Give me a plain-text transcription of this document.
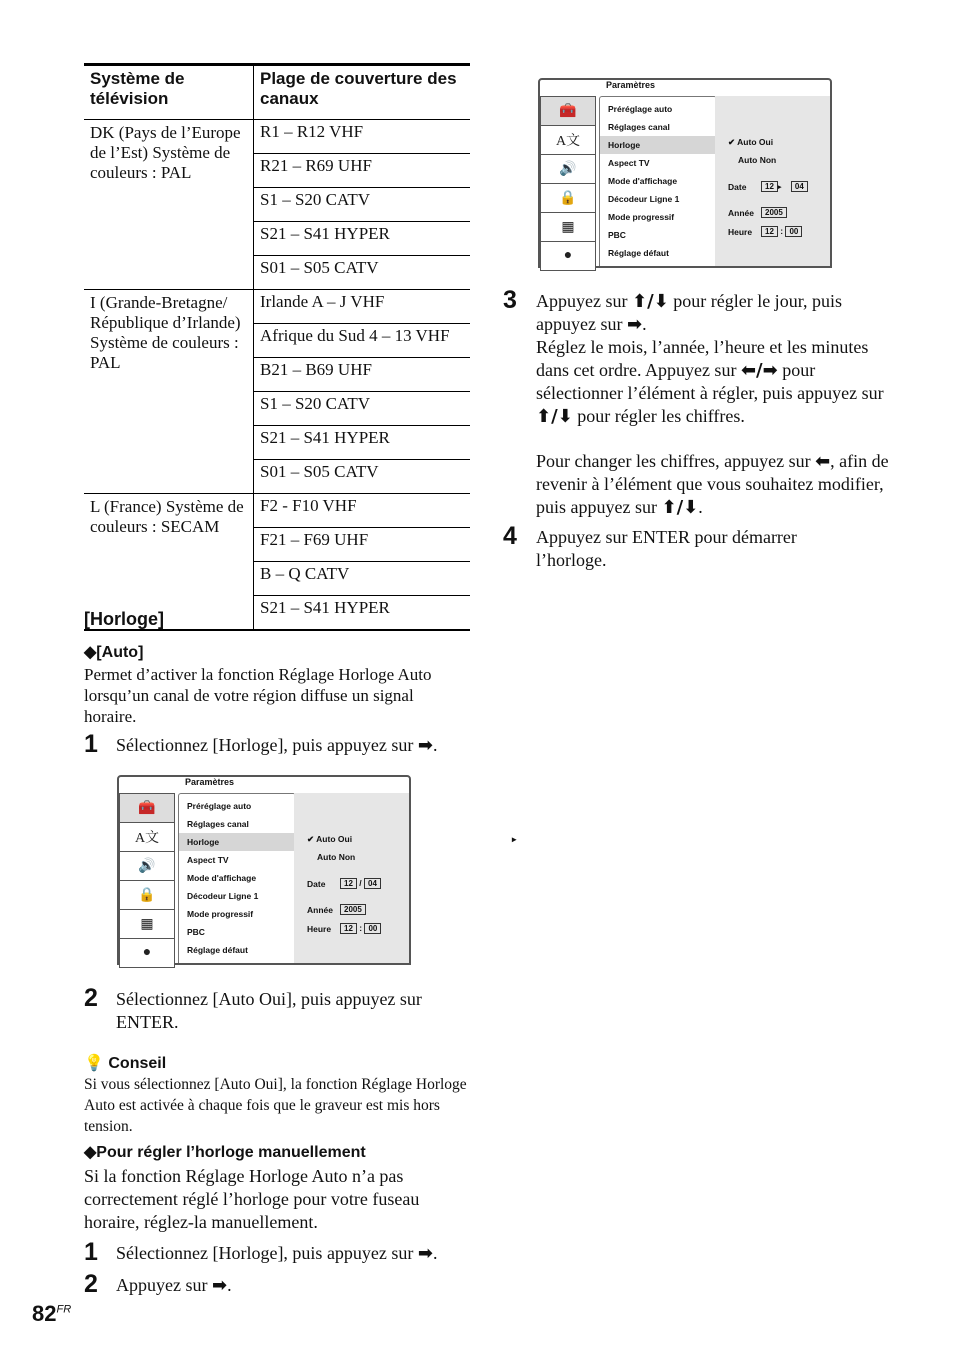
Système de télévision	Plage de couverture des canaux
DK (Pays de l’Europe de l’Est) Système de couleurs : PAL	R1 – R12 VHF
	R21 – R69 UHF
	S1 – S20 CATV
	S21 – S41 HYPER
	S01 – S05 CATV
I (Grande-Bretagne/ République d’Irlande) Système de couleurs : PAL	Irlande A – J VHF
	Afrique du Sud 4 – 13 VHF
	B21 – B69 UHF
	S1 – S20 CATV
	S21 – S41 HYPER
	S01 – S05 CATV
L (France) Système de couleurs : SECAM	F2 - F10 VHF
	F21 – F69 UHF
	B – Q CATV
	S21 – S41 HYPER
[Horloge]
◆[Auto]
Permet d’activer la fonction Réglage Horloge Auto lorsqu’un canal de votre région diffuse un signal horaire.
1 Sélectionnez [Horloge], puis appuyez sur ➡.
Paramètres
🧰
A文
🔊
🔒
▦
●
Préréglage auto
Réglages canal
Horloge
Aspect TV
Mode d'affichage
Décodeur Ligne 1
Mode progressif
PBC
Réglage défaut
✔ Auto Oui	▸
Auto Non
Date	12 / 04
Année	2005
Heure	12 : 00
2 Sélectionnez [Auto Oui], puis appuyez sur ENTER.
💡 Conseil
Si vous sélectionnez [Auto Oui], la fonction Réglage Horloge Auto est activée à chaque fois que le graveur est mis hors tension.
◆Pour régler l’horloge manuellement
Si la fonction Réglage Horloge Auto n’a pas correctement réglé l’horloge pour votre fuseau horaire, réglez-la manuellement.
1 Sélectionnez [Horloge], puis appuyez sur ➡.
2 Appuyez sur ➡.
$82^{FR}$
Paramètres
🧰
A文
🔊
🔒
▦
●
Préréglage auto
Réglages canal
Horloge
Aspect TV
Mode d'affichage
Décodeur Ligne 1
Mode progressif
PBC
Réglage défaut
✔ Auto Oui
Auto Non
Date	12 ▸ 04
Année	2005
Heure	12 : 00
3 Appuyez sur ⬆/⬇ pour régler le jour, puis appuyez sur ➡.
Réglez le mois, l’année, l’heure et les minutes dans cet ordre. Appuyez sur ⬅/➡ pour sélectionner l’élément à régler, puis appuyez sur ⬆/⬇ pour régler les chiffres.
Pour changer les chiffres, appuyez sur ⬅, afin de revenir à l’élément que vous souhaitez modifier, puis appuyez sur ⬆/⬇.
4 Appuyez sur ENTER pour démarrer l’horloge.
